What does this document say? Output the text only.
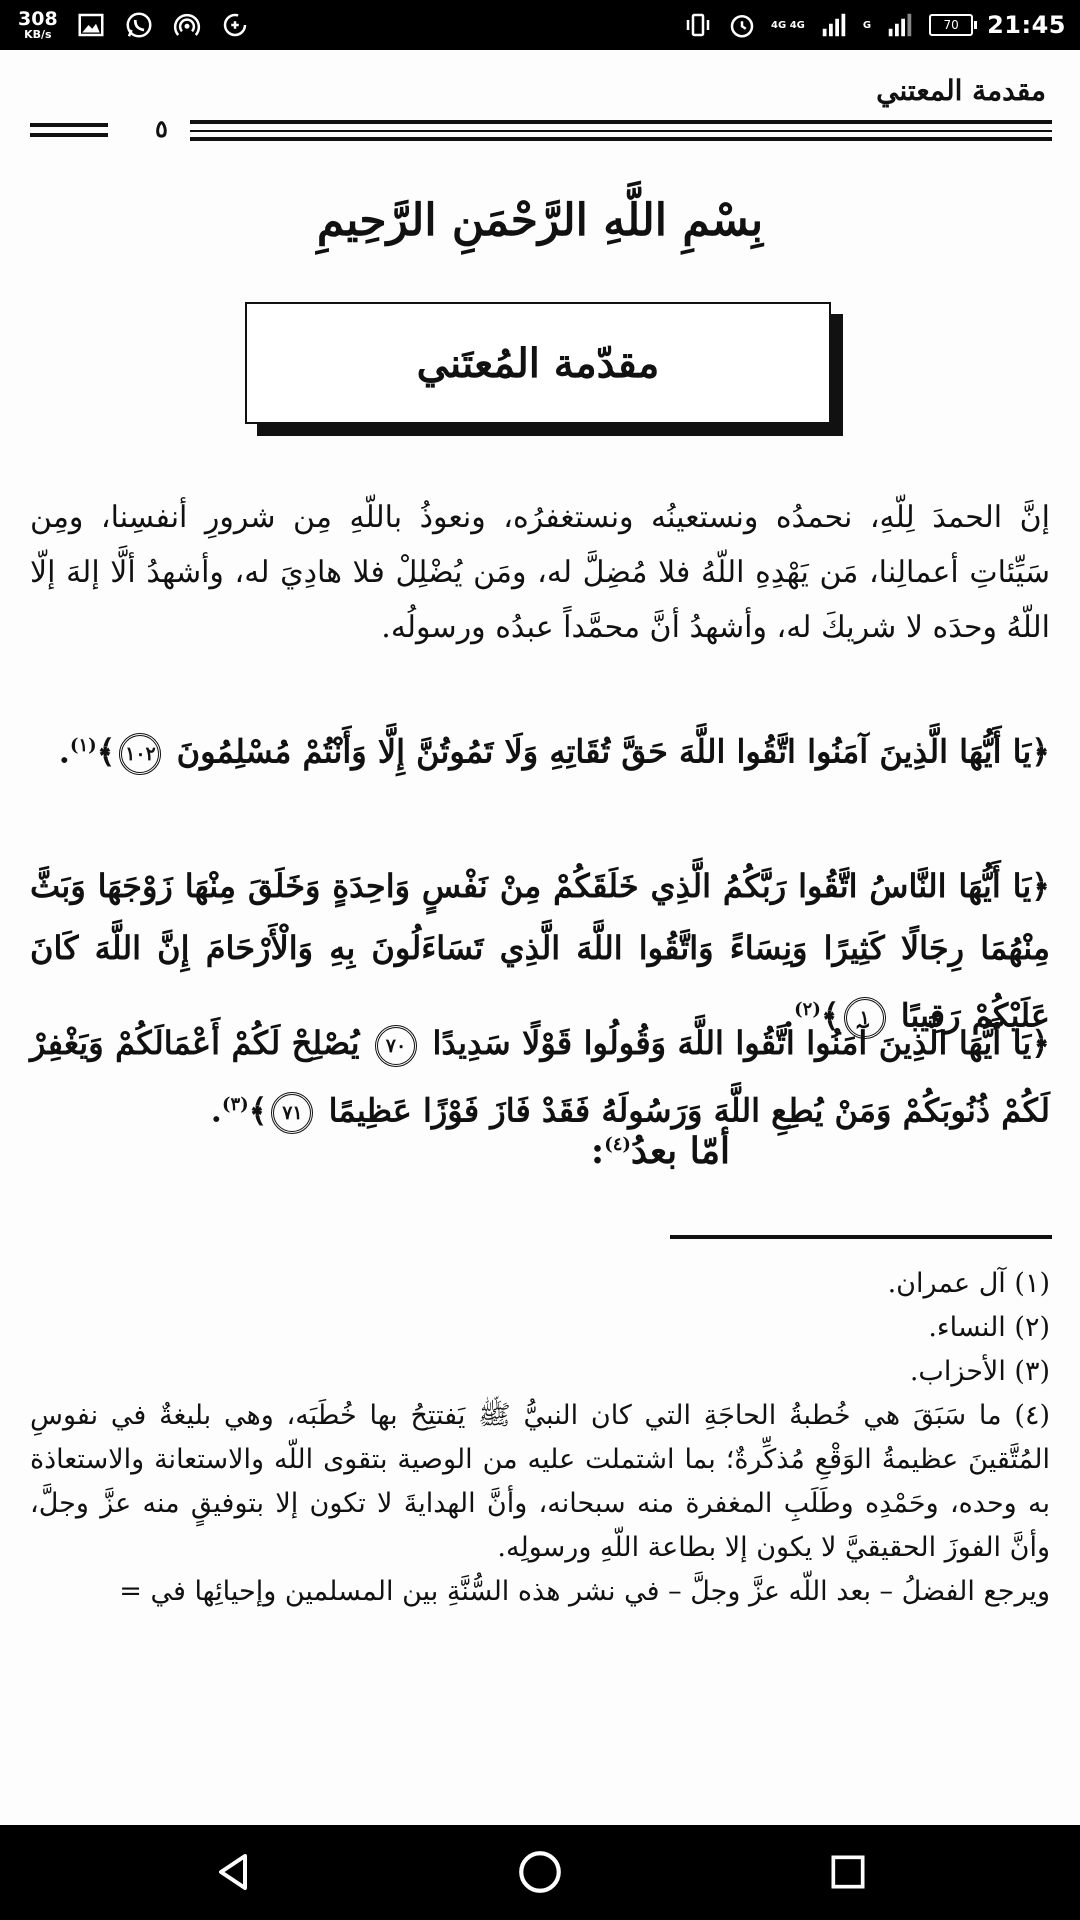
308
KB/s
4G 4G	G	70 21:45
مقدمة المعتني
٥
بِسْمِ اللَّهِ الرَّحْمَنِ الرَّحِيمِ
مقدّمة المُعتَني
إنَّ الحمدَ لِلّهِ، نحمدُه ونستعينُه ونستغفرُه، ونعوذُ باللّهِ مِن شرورِ أنفسِنا، ومِن سَيِّئاتِ أعمالِنا، مَن يَهْدِهِ اللّهُ فلا مُضِلَّ له، ومَن يُضْلِلْ فلا هادِيَ له، وأشهدُ ألَّا إلهَ إلّا اللّهُ وحدَه لا شريكَ له، وأشهدُ أنَّ محمَّداً عبدُه ورسولُه.
﴿يَا أَيُّهَا الَّذِينَ آمَنُوا اتَّقُوا اللَّهَ حَقَّ تُقَاتِهِ وَلَا تَمُوتُنَّ إِلَّا وَأَنْتُمْ مُسْلِمُونَ ١٠٢﴾$^{(١)}$.
﴿يَا أَيُّهَا النَّاسُ اتَّقُوا رَبَّكُمُ الَّذِي خَلَقَكُمْ مِنْ نَفْسٍ وَاحِدَةٍ وَخَلَقَ مِنْهَا زَوْجَهَا وَبَثَّ مِنْهُمَا رِجَالًا كَثِيرًا وَنِسَاءً وَاتَّقُوا اللَّهَ الَّذِي تَسَاءَلُونَ بِهِ وَالْأَرْحَامَ إِنَّ اللَّهَ كَانَ عَلَيْكُمْ رَقِيبًا ١﴾$^{(٢)}$.
﴿يَا أَيُّهَا الَّذِينَ آمَنُوا اتَّقُوا اللَّهَ وَقُولُوا قَوْلًا سَدِيدًا ٧٠ يُصْلِحْ لَكُمْ أَعْمَالَكُمْ وَيَغْفِرْ لَكُمْ ذُنُوبَكُمْ وَمَنْ يُطِعِ اللَّهَ وَرَسُولَهُ فَقَدْ فَازَ فَوْزًا عَظِيمًا ٧١﴾$^{(٣)}$.
أمّا بعدُ$^{(٤)}$:
(١) آل عمران.
(٢) النساء.
(٣) الأحزاب.
(٤) ما سَبَقَ هي خُطبةُ الحاجَةِ التي كان النبيُّ ﷺ يَفتتِحُ بها خُطَبَه، وهي بليغةٌ في نفوسِ المُتَّقينَ عظيمةُ الوَقْعِ مُذكِّرةٌ؛ بما اشتملت عليه من الوصية بتقوى اللّه والاستعانة والاستعاذة به وحده، وحَمْدِه وطَلَبِ المغفرة منه سبحانه، وأنَّ الهدايةَ لا تكون إلا بتوفيقٍ منه عزَّ وجلَّ، وأنَّ الفوزَ الحقيقيَّ لا يكون إلا بطاعة اللّهِ ورسولِه.
ويرجع الفضلُ – بعد اللّه عزَّ وجلَّ – في نشر هذه السُّنَّةِ بين المسلمين وإحيائِها في =
